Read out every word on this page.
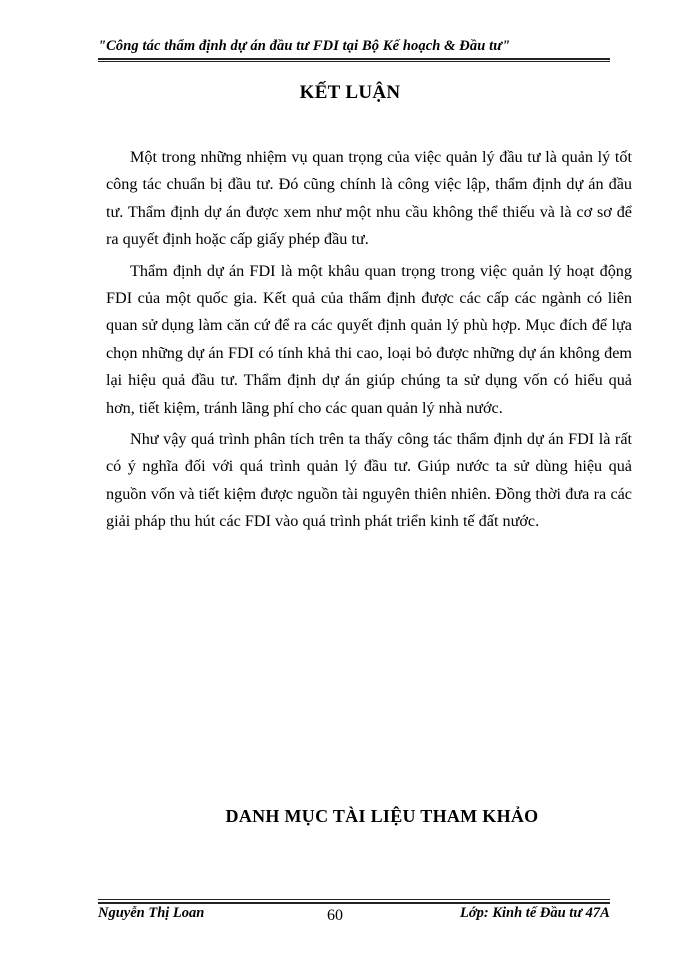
"Công tác thẩm định dự án đầu tư FDI tại Bộ Kế hoạch & Đầu tư"
KẾT LUẬN

Một trong những nhiệm vụ quan trọng của việc quản lý đầu tư là quản lý tốt công tác chuẩn bị đầu tư. Đó cũng chính là công việc lập, thẩm định dự án đầu tư. Thẩm định dự án được xem như một nhu cầu không thể thiếu và là cơ sơ để ra quyết định hoặc cấp giấy phép đầu tư.

Thẩm định dự án FDI là một khâu quan trọng trong việc quản lý hoạt động FDI của một quốc gia. Kết quả của thẩm định được các cấp các ngành có liên quan sử dụng làm căn cứ để ra các quyết định quản lý phù hợp. Mục đích để lựa chọn những dự án FDI có tính khả thi cao, loại bỏ được những dự án không đem lại hiệu quả đầu tư. Thẩm định dự án giúp chúng ta sử dụng vốn có hiểu quả hơn, tiết kiệm, tránh lãng phí cho các quan quản lý nhà nước.

Như vậy quá trình phân tích trên ta thấy công tác thẩm định dự án FDI là rất có ý nghĩa đối với quá trình quản lý đầu tư. Giúp nước ta sử dùng hiệu quả nguồn vốn và tiết kiệm được nguồn tài nguyên thiên nhiên. Đồng thời đưa ra các giải pháp thu hút các FDI vào quá trình phát triển kinh tế đất nước.

DANH MỤC TÀI LIỆU THAM KHẢO
Nguyễn Thị Loan	60	Lớp: Kinh tế Đầu tư 47A
